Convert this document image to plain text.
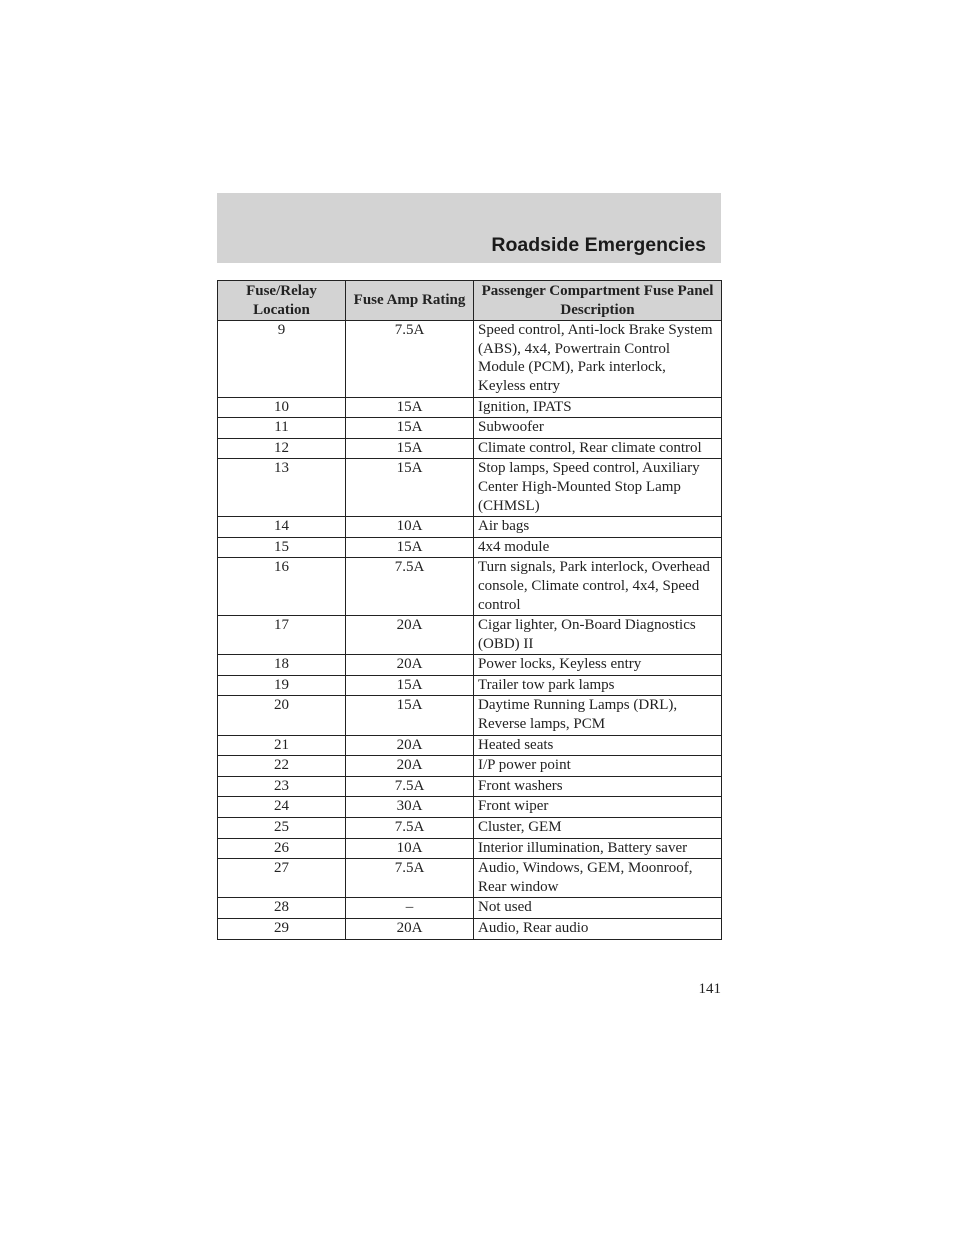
Roadside Emergencies
Fuse/Relay Location	Fuse Amp Rating	Passenger Compartment Fuse Panel Description
9	7.5A	Speed control, Anti-lock Brake System (ABS), 4x4, Powertrain Control Module (PCM), Park interlock, Keyless entry
10	15A	Ignition, IPATS
11	15A	Subwoofer
12	15A	Climate control, Rear climate control
13	15A	Stop lamps, Speed control, Auxiliary Center High-Mounted Stop Lamp (CHMSL)
14	10A	Air bags
15	15A	4x4 module
16	7.5A	Turn signals, Park interlock, Overhead console, Climate control, 4x4, Speed control
17	20A	Cigar lighter, On-Board Diagnostics (OBD) II
18	20A	Power locks, Keyless entry
19	15A	Trailer tow park lamps
20	15A	Daytime Running Lamps (DRL), Reverse lamps, PCM
21	20A	Heated seats
22	20A	I/P power point
23	7.5A	Front washers
24	30A	Front wiper
25	7.5A	Cluster, GEM
26	10A	Interior illumination, Battery saver
27	7.5A	Audio, Windows, GEM, Moonroof, Rear window
28	–	Not used
29	20A	Audio, Rear audio
141
